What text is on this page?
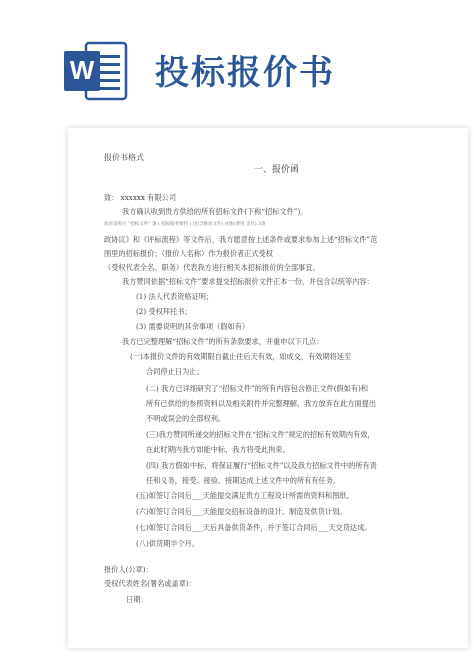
W 投标报价书
报价书格式
一、报价函
致： xxxxxx 有限公司
我方确认收到贵方供给的所有招标文件(下称“招标文件”)。
政府采购方 “招标文件” 条 ( 招标服务要约 ) (包含修改文件) (招标费用 支付) 3条
政协议》和《评标流程》等文件后，我方愿意按上述条件或要求参加上述“招标文件”范
围里的招标报价；（报价人名称）作为报价者正式受权
（受权代表全名、职务）代表我方进行相关本招标报价的全部事宜。
我方赞同依据“招标文件”要求提交招标报价文件正本一份，并包含以统等内容：
(1) 法人代表资格证明；
(2) 受权拜托书；
(3) 需要说明的其余事项（假如有）
我方已完整理解“招标文件”的所有条款要求，并重申以下几点：
(一)本报价文件的有效期限自截止往后天有效，如成交，有效期将延至
合同停止日为止；
(二) 我方已详细研究了“招标文件”的所有内容包含修正文件(假如有)和
所有已供给的参照资料以及相关附件并完整理解，我方放弃在此方面提出
不明或误会的全部权利。
(三)我方赞同所递交的招标文件在“招标文件”规定的招标有效期内有效，
在此时期内我方如能中标，我方将受此拘束。
(四) 我方假如中标，将保证履行“招标文件”以及我方招标文件中的所有责
任和义务，接受、接验、接期达成上述文件中的所有有任务。
(五)如签订合同后___天能提交满足贵方工程设计所需的资料和图纸。
(六)如签订合同后___天能提交招标设备的设计、制造及供货计划。
(七)如签订合同后___天后具备供货条件，并于签订合同后___天交货达成。
(八)供货期半个月。
报价人(公章)：
受权代表姓名(署名或盖章)：
日期：
